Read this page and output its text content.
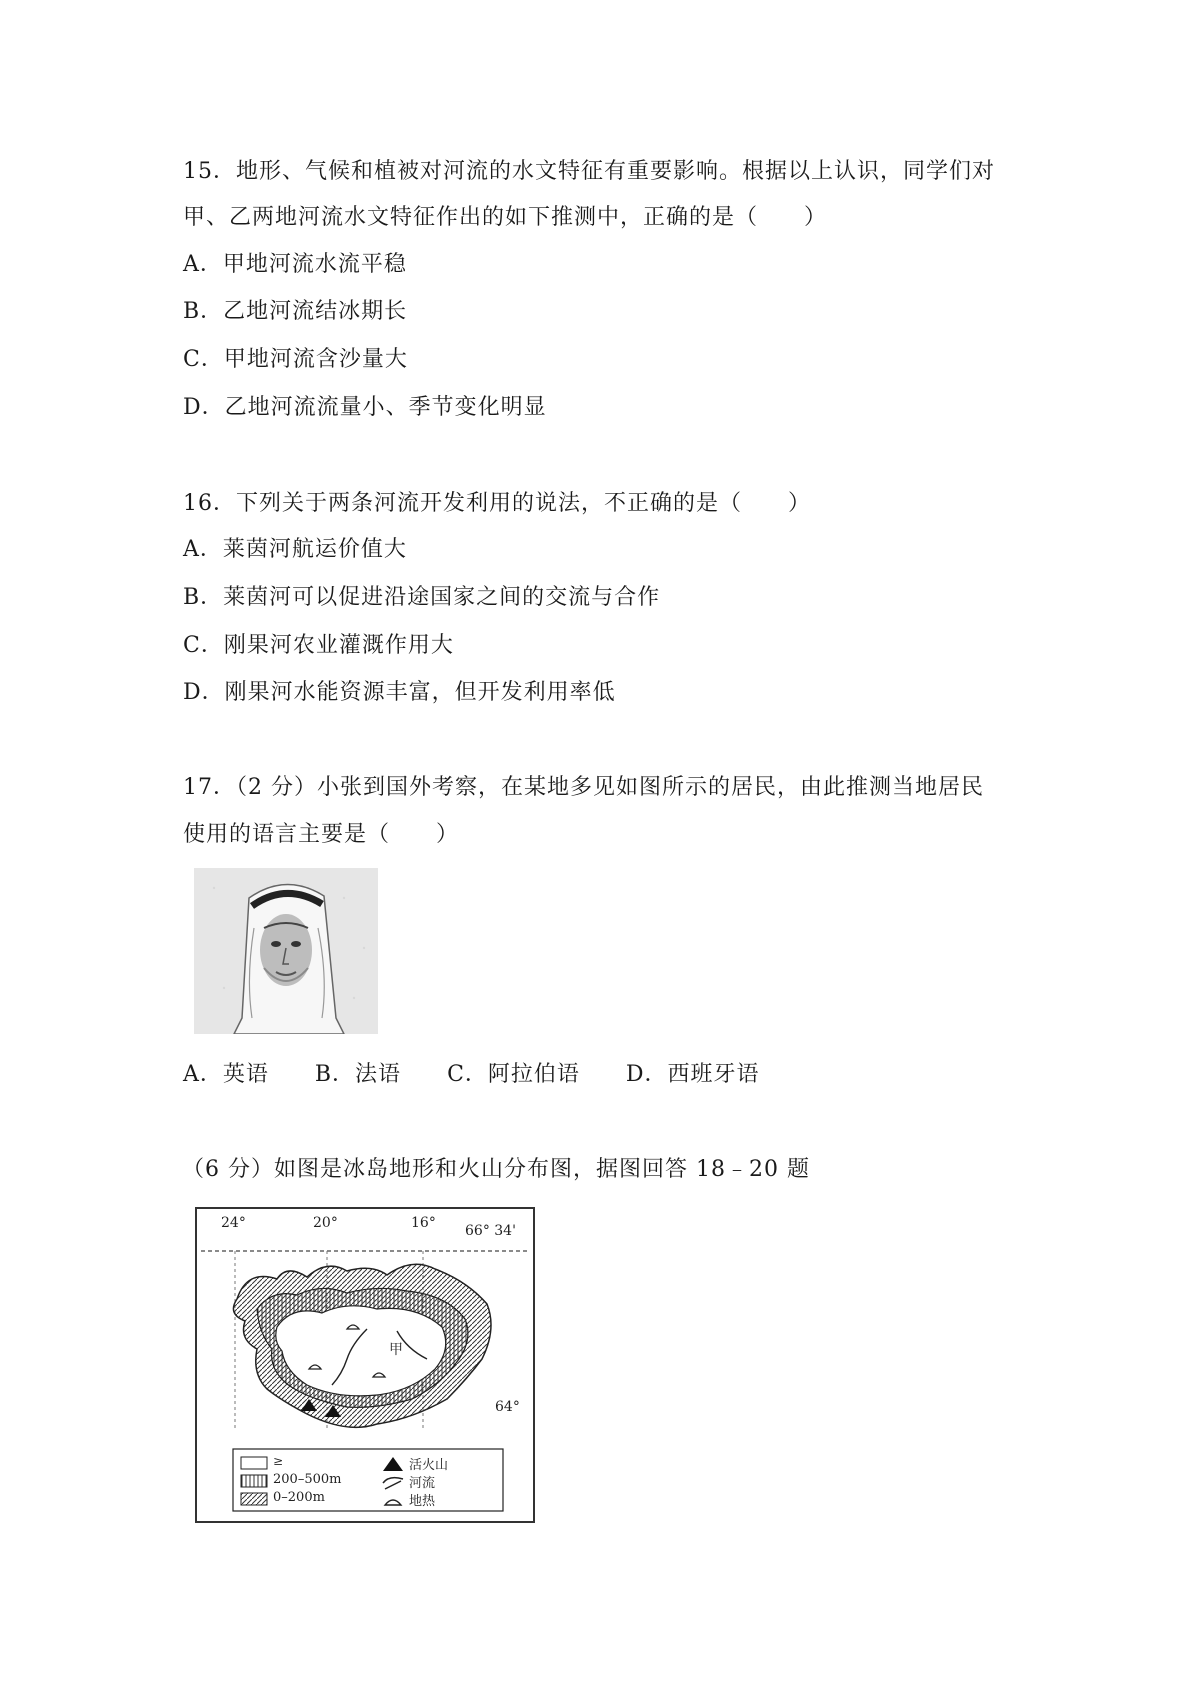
15．地形、气候和植被对河流的水文特征有重要影响。根据以上认识，同学们对
甲、乙两地河流水文特征作出的如下推测中，正确的是（　　）
A．甲地河流水流平稳
B．乙地河流结冰期长
C．甲地河流含沙量大
D．乙地河流流量小、季节变化明显
16．下列关于两条河流开发利用的说法，不正确的是（　　）
A．莱茵河航运价值大
B．莱茵河可以促进沿途国家之间的交流与合作
C．刚果河农业灌溉作用大
D．刚果河水能资源丰富，但开发利用率低
17．（2 分）小张到国外考察，在某地多见如图所示的居民，由此推测当地居民
使用的语言主要是（　　）
A．英语 B．法语 C．阿拉伯语 D．西班牙语
（6 分）如图是冰岛地形和火山分布图，据图回答 18﹣20 题
24°	20°	16° 66° 34'
64°
甲
≥
200–500m
0–200m
活火山
河流
地热
